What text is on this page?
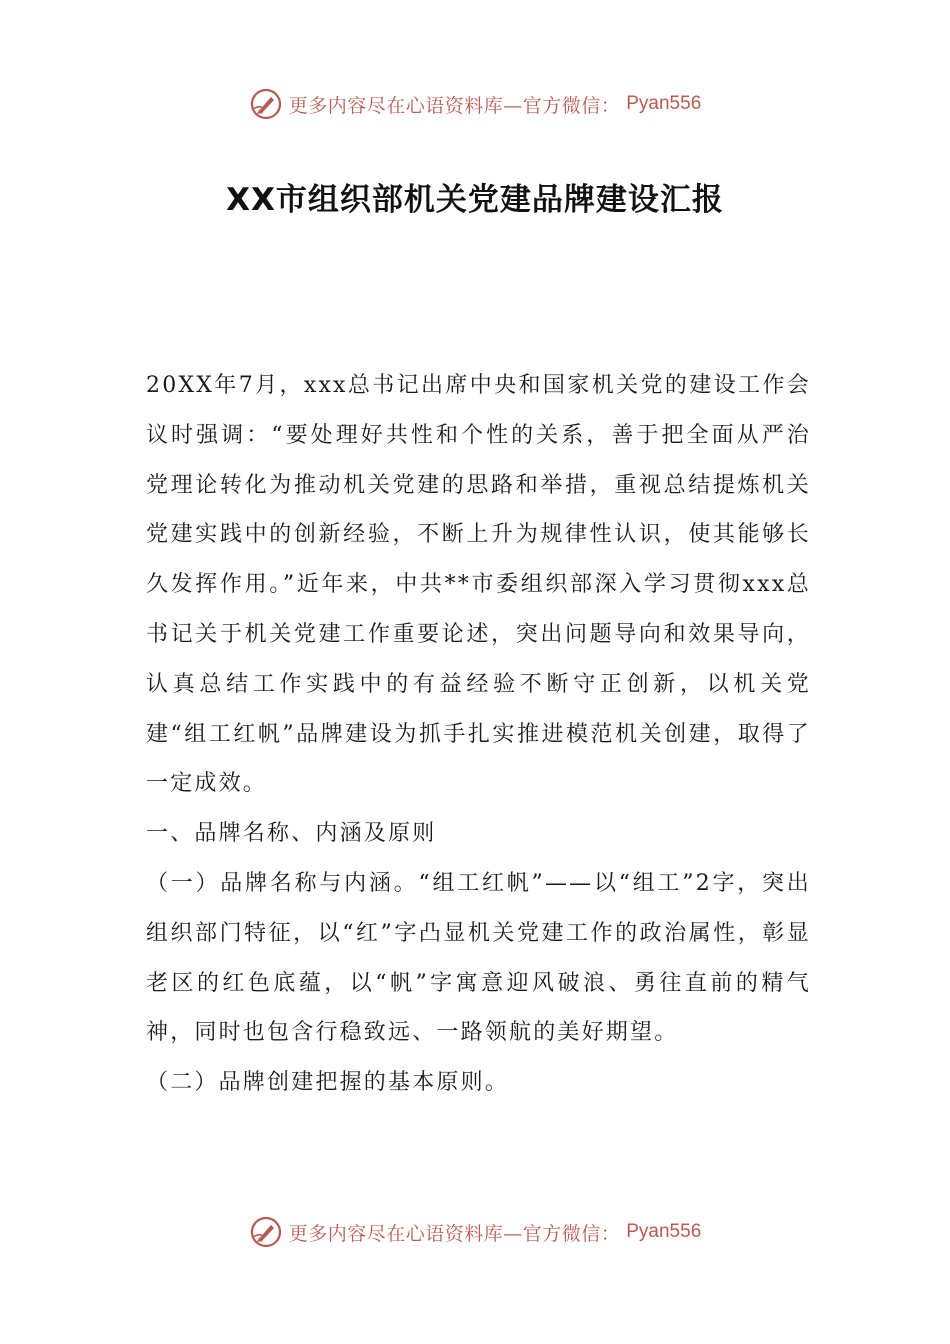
更多内容尽在心语资料库—官方微信： Pyan556
XX市组织部机关党建品牌建设汇报

20XX年7月，xxx总书记出席中央和国家机关党的建设工作会议时强调：“要处理好共性和个性的关系，善于把全面从严治党理论转化为推动机关党建的思路和举措，重视总结提炼机关党建实践中的创新经验，不断上升为规律性认识，使其能够长久发挥作用。”近年来，中共**市委组织部深入学习贯彻xxx总书记关于机关党建工作重要论述，突出问题导向和效果导向，认真总结工作实践中的有益经验不断守正创新，以机关党建“组工红帆”品牌建设为抓手扎实推进模范机关创建，取得了一定成效。

一、品牌名称、内涵及原则

（一）品牌名称与内涵。“组工红帆”——以“组工”2字，突出组织部门特征，以“红”字凸显机关党建工作的政治属性，彰显老区的红色底蕴，以“帆”字寓意迎风破浪、勇往直前的精气神，同时也包含行稳致远、一路领航的美好期望。

（二）品牌创建把握的基本原则。

更多内容尽在心语资料库—官方微信： Pyan556
